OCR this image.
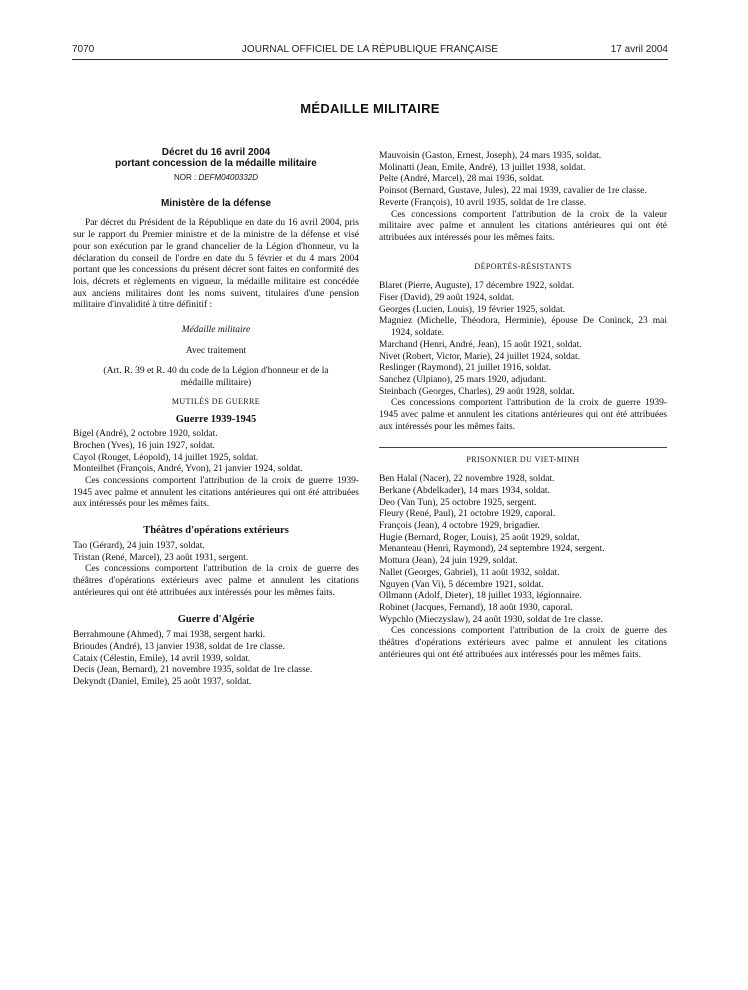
7070	JOURNAL OFFICIEL DE LA RÉPUBLIQUE FRANÇAISE	17 avril 2004
MÉDAILLE MILITAIRE

Décret du 16 avril 2004
portant concession de la médaille militaire

NOR : DEFM0400332D

Ministère de la défense

Par décret du Président de la République en date du 16 avril 2004, pris sur le rapport du Premier ministre et de la ministre de la défense et visé pour son exécution par le grand chancelier de la Légion d'honneur, vu la déclaration du conseil de l'ordre en date du 5 février et du 4 mars 2004 portant que les concessions du présent décret sont faites en conformité des lois, décrets et règlements en vigueur, la médaille militaire est concédée aux anciens militaires dont les noms suivent, titulaires d'une pension militaire d'invalidité à titre définitif :

Médaille militaire

Avec traitement

(Art. R. 39 et R. 40 du code de la Légion d'honneur et de la médaille militaire)

MUTILÉS DE GUERRE

Guerre 1939-1945

Bigel (André), 2 octobre 1920, soldat.

Brochen (Yves), 16 juin 1927, soldat.

Cayol (Rouget, Léopold), 14 juillet 1925, soldat.

Monteilhet (François, André, Yvon), 21 janvier 1924, soldat.

Ces concessions comportent l'attribution de la croix de guerre 1939-1945 avec palme et annulent les citations antérieures qui ont été attribuées aux intéressés pour les mêmes faits.

Théâtres d'opérations extérieurs

Tao (Gérard), 24 juin 1937, soldat.

Tristan (René, Marcel), 23 août 1931, sergent.

Ces concessions comportent l'attribution de la croix de guerre des théâtres d'opérations extérieurs avec palme et annulent les citations antérieures qui ont été attribuées aux intéressés pour les mêmes faits.

Guerre d'Algérie

Berrahmoune (Ahmed), 7 mai 1938, sergent harki.

Brioudes (André), 13 janvier 1938, soldat de 1re classe.

Cataix (Célestin, Emile), 14 avril 1939, soldat.

Decis (Jean, Bernard), 21 novembre 1935, soldat de 1re classe.

Dekyndt (Daniel, Emile), 25 août 1937, soldat.

Mauvoisin (Gaston, Ernest, Joseph), 24 mars 1935, soldat.

Molinatti (Jean, Emile, André), 13 juillet 1938, soldat.

Pelte (André, Marcel), 28 mai 1936, soldat.

Poinsot (Bernard, Gustave, Jules), 22 mai 1939, cavalier de 1re classe.

Reverte (François), 10 avril 1935, soldat de 1re classe.

Ces concessions comportent l'attribution de la croix de la valeur militaire avec palme et annulent les citations antérieures qui ont été attribuées aux intéressés pour les mêmes faits.

DÉPORTÉS-RÉSISTANTS

Blaret (Pierre, Auguste), 17 décembre 1922, soldat.

Fiser (David), 29 août 1924, soldat.

Georges (Lucien, Louis), 19 février 1925, soldat.

Magniez (Michelle, Théodora, Herminie), épouse De Coninck, 23 mai 1924, soldate.

Marchand (Henri, André, Jean), 15 août 1921, soldat.

Nivet (Robert, Victor, Marie), 24 juillet 1924, soldat.

Reslinger (Raymond), 21 juillet 1916, soldat.

Sanchez (Ulpiano), 25 mars 1920, adjudant.

Steinbach (Georges, Charles), 29 août 1928, soldat.

Ces concessions comportent l'attribution de la croix de guerre 1939-1945 avec palme et annulent les citations antérieures qui ont été attribuées aux intéressés pour les mêmes faits.

PRISONNIER DU VIET-MINH

Ben Halal (Nacer), 22 novembre 1928, soldat.

Berkane (Abdelkader), 14 mars 1934, soldat.

Deo (Van Tun), 25 octobre 1925, sergent.

Fleury (René, Paul), 21 octobre 1929, caporal.

François (Jean), 4 octobre 1929, brigadier.

Hugie (Bernard, Roger, Louis), 25 août 1929, soldat.

Menanteau (Henri, Raymond), 24 septembre 1924, sergent.

Mottura (Jean), 24 juin 1929, soldat.

Nallet (Georges, Gabriel), 11 août 1932, soldat.

Nguyen (Van Vi), 5 décembre 1921, soldat.

Ollmann (Adolf, Dieter), 18 juillet 1933, légionnaire.

Robinet (Jacques, Fernand), 18 août 1930, caporal.

Wypchlo (Mieczyslaw), 24 août 1930, soldat de 1re classe.

Ces concessions comportent l'attribution de la croix de guerre des théâtres d'opérations extérieurs avec palme et annulent les citations antérieures qui ont été attribuées aux intéressés pour les mêmes faits.
